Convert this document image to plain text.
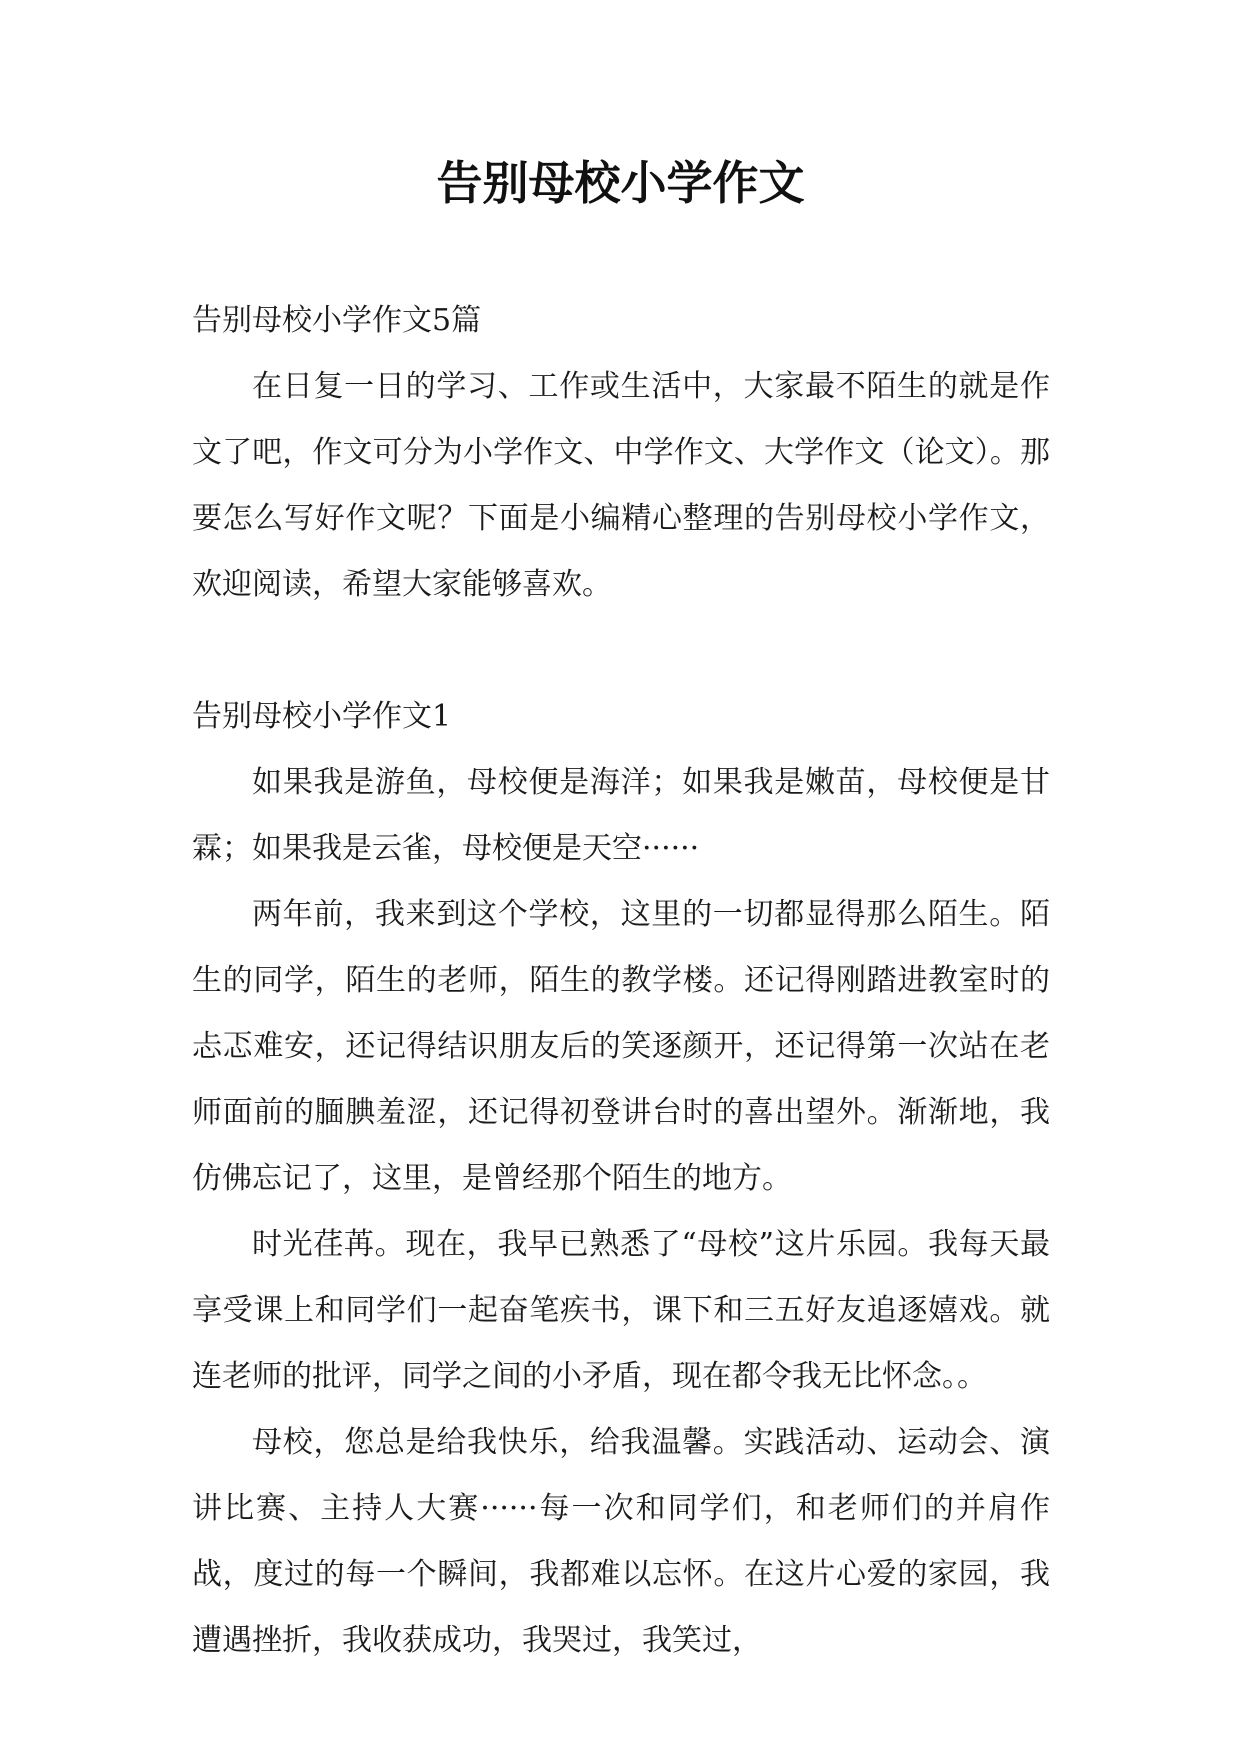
告别母校小学作文

告别母校小学作文5篇

在日复一日的学习、工作或生活中，大家最不陌生的就是作文了吧，作文可分为小学作文、中学作文、大学作文（论文）。那要怎么写好作文呢？下面是小编精心整理的告别母校小学作文，欢迎阅读，希望大家能够喜欢。

告别母校小学作文1

如果我是游鱼，母校便是海洋；如果我是嫩苗，母校便是甘霖；如果我是云雀，母校便是天空······

两年前，我来到这个学校，这里的一切都显得那么陌生。陌生的同学，陌生的老师，陌生的教学楼。还记得刚踏进教室时的忐忑难安，还记得结识朋友后的笑逐颜开，还记得第一次站在老师面前的腼腆羞涩，还记得初登讲台时的喜出望外。渐渐地，我仿佛忘记了，这里，是曾经那个陌生的地方。

时光荏苒。现在，我早已熟悉了“母校”这片乐园。我每天最享受课上和同学们一起奋笔疾书，课下和三五好友追逐嬉戏。就连老师的批评，同学之间的小矛盾，现在都令我无比怀念。。

母校，您总是给我快乐，给我温馨。实践活动、运动会、演讲比赛、主持人大赛······每一次和同学们，和老师们的并肩作战，度过的每一个瞬间，我都难以忘怀。在这片心爱的家园，我遭遇挫折，我收获成功，我哭过，我笑过，
